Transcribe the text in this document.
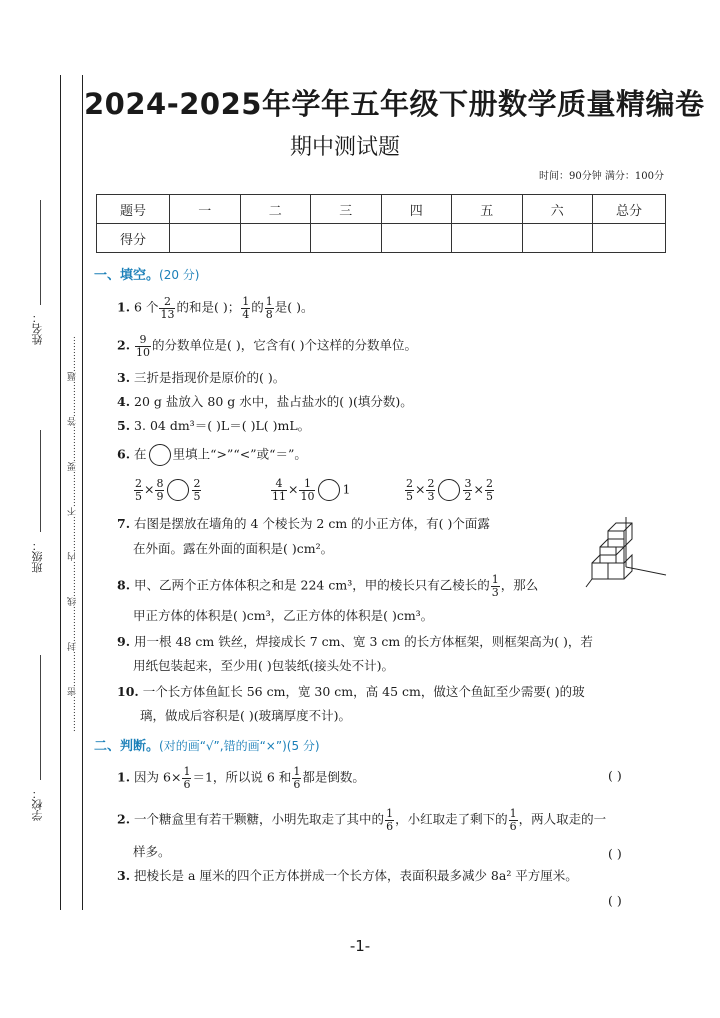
姓名：
班级：
学校：
…………密…………封…………线…………内…………不…………要…………答…………题…………
2024-2025年学年五年级下册数学质量精编卷
期中测试题
时间：90分钟 满分：100分
题号	一	二	三	四	五	六	总分
得分							
一、填空。(20 分)
1. 6 个 $\frac{2}{13}$ 的和是( )； $\frac{1}{4}$ 的 $\frac{1}{8}$ 是( )。
2. $\frac{9}{10}$ 的分数单位是( )，它含有( )个这样的分数单位。
3. 三折是指现价是原价的( )。
4. 20 g 盐放入 80 g 水中，盐占盐水的( )(填分数)。
5. 3. 04 dm³＝( )L＝( )L( )mL。
6. 在 里填上“>”“<”或“＝”。
$\frac{2}{5} \times \frac{8}{9}$	$\frac{2}{5}$	$\frac{4}{11} \times \frac{1}{10} 1$	$\frac{2}{5} \times \frac{2}{3}$	$\frac{3}{2} \times \frac{2}{5}$
7. 右图是摆放在墙角的 4 个棱长为 2 cm 的小正方体，有( )个面露
在外面。露在外面的面积是( )cm²。
8. 甲、乙两个正方体体积之和是 224 cm³，甲的棱长只有乙棱长的 $\frac{1}{3}$ ，那么
甲正方体的体积是( )cm³，乙正方体的体积是( )cm³。
9. 用一根 48 cm 铁丝，焊接成长 7 cm、宽 3 cm 的长方体框架，则框架高为( )，若
用纸包装起来，至少用( )包装纸(接头处不计)。
10. 一个长方体鱼缸长 56 cm，宽 30 cm，高 45 cm，做这个鱼缸至少需要( )的玻
璃，做成后容积是( )(玻璃厚度不计)。
二、判断。(对的画“√”,错的画“×”)(5 分)
1. 因为 $6\times \frac{1}{6} =1$，所以说 6 和 $\frac{1}{6}$ 都是倒数。	( )
2. 一个糖盒里有若干颗糖，小明先取走了其中的 $\frac{1}{6}$ ，小红取走了剩下的 $\frac{1}{6}$ ，两人取走的一
样多。	( )
3. 把棱长是 a 厘米的四个正方体拼成一个长方体，表面积最多减少 8a² 平方厘米。
( )
-1-
